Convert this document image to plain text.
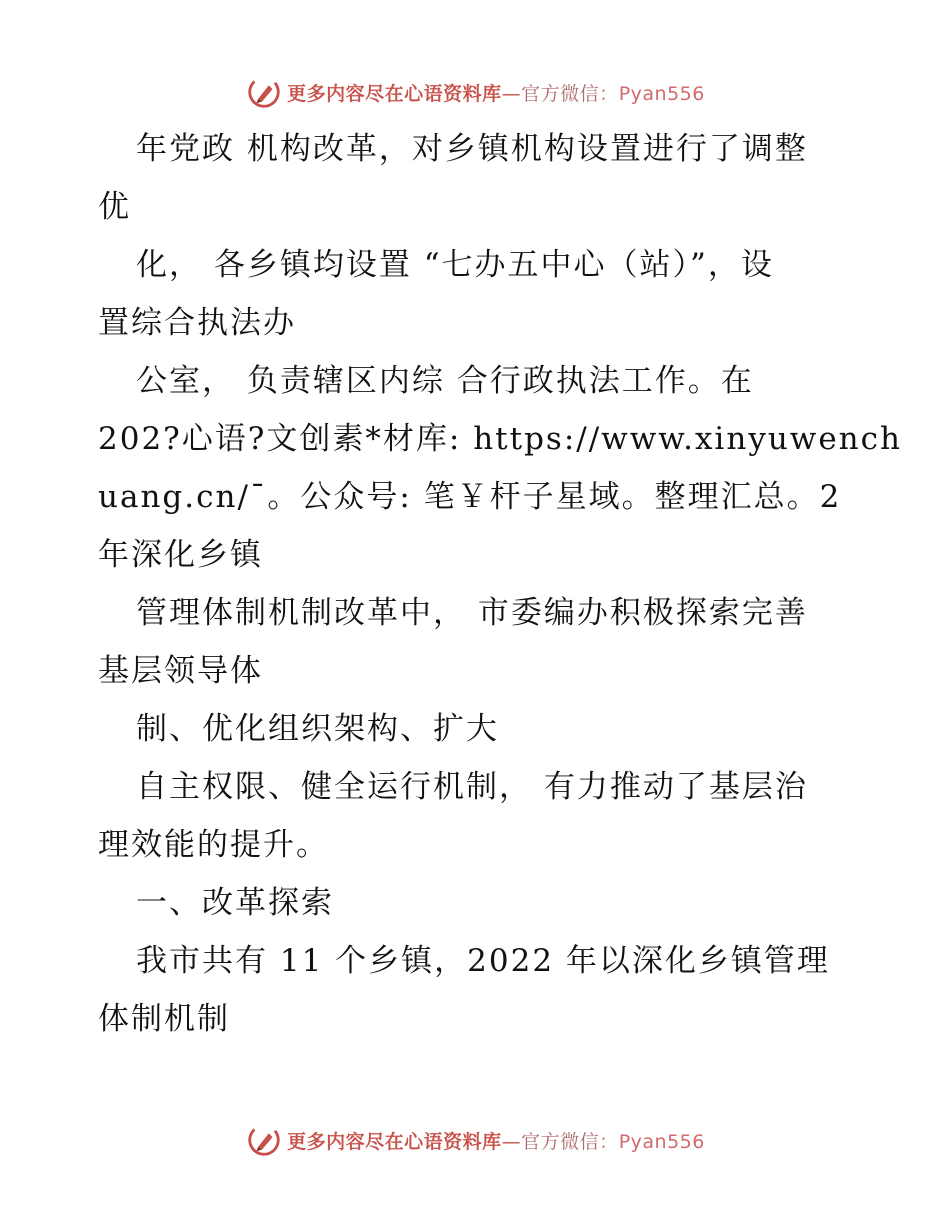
更多内容尽在心语资料库—官方微信：Pyan556
年党政 机构改革，对乡镇机构设置进行了调整
优
化， 各乡镇均设置 “七办五中心（站）”，设
置综合执法办
公室， 负责辖区内综 合行政执法工作。在
202?心语?文创素*材库: https://www.xinyuwench
uang.cn/ˉ。公众号: 笔￥杆子星域。整理汇总。2
年深化乡镇
管理体制机制改革中， 市委编办积极探索完善
基层领导体
制、优化组织架构、扩大
自主权限、健全运行机制， 有力推动了基层治
理效能的提升。
一、改革探索
我市共有 11 个乡镇，2022 年以深化乡镇管理
体制机制
更多内容尽在心语资料库—官方微信：Pyan556
